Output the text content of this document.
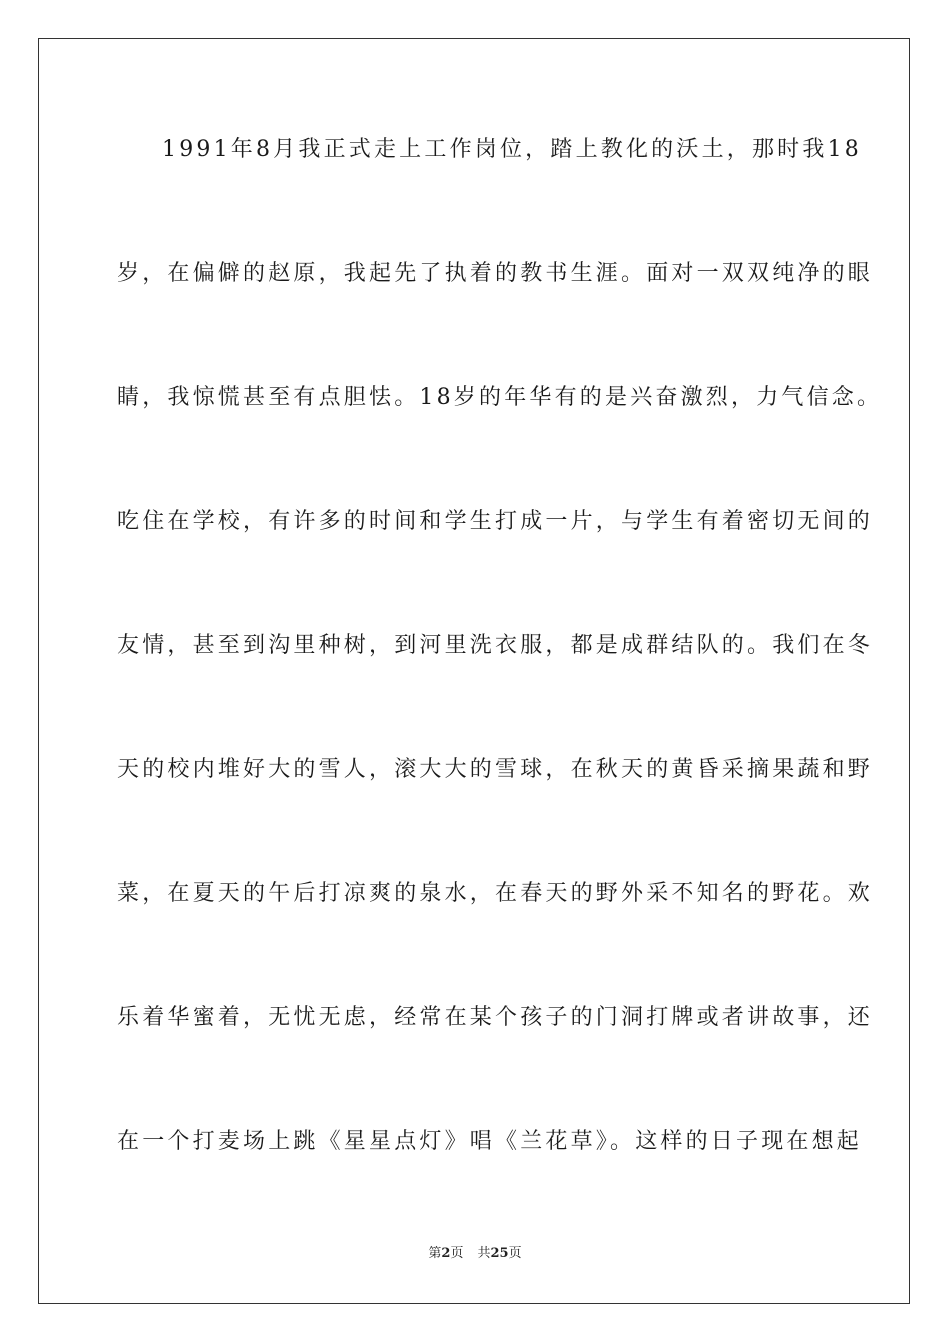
1991年8月我正式走上工作岗位，踏上教化的沃土，那时我18
岁，在偏僻的赵原，我起先了执着的教书生涯。面对一双双纯净的眼
睛，我惊慌甚至有点胆怯。18岁的年华有的是兴奋激烈，力气信念。
吃住在学校，有许多的时间和学生打成一片，与学生有着密切无间的
友情，甚至到沟里种树，到河里洗衣服，都是成群结队的。我们在冬
天的校内堆好大的雪人，滚大大的雪球，在秋天的黄昏采摘果蔬和野
菜，在夏天的午后打凉爽的泉水，在春天的野外采不知名的野花。欢
乐着华蜜着，无忧无虑，经常在某个孩子的门洞打牌或者讲故事，还
在一个打麦场上跳《星星点灯》唱《兰花草》。这样的日子现在想起
第2页 共25页
